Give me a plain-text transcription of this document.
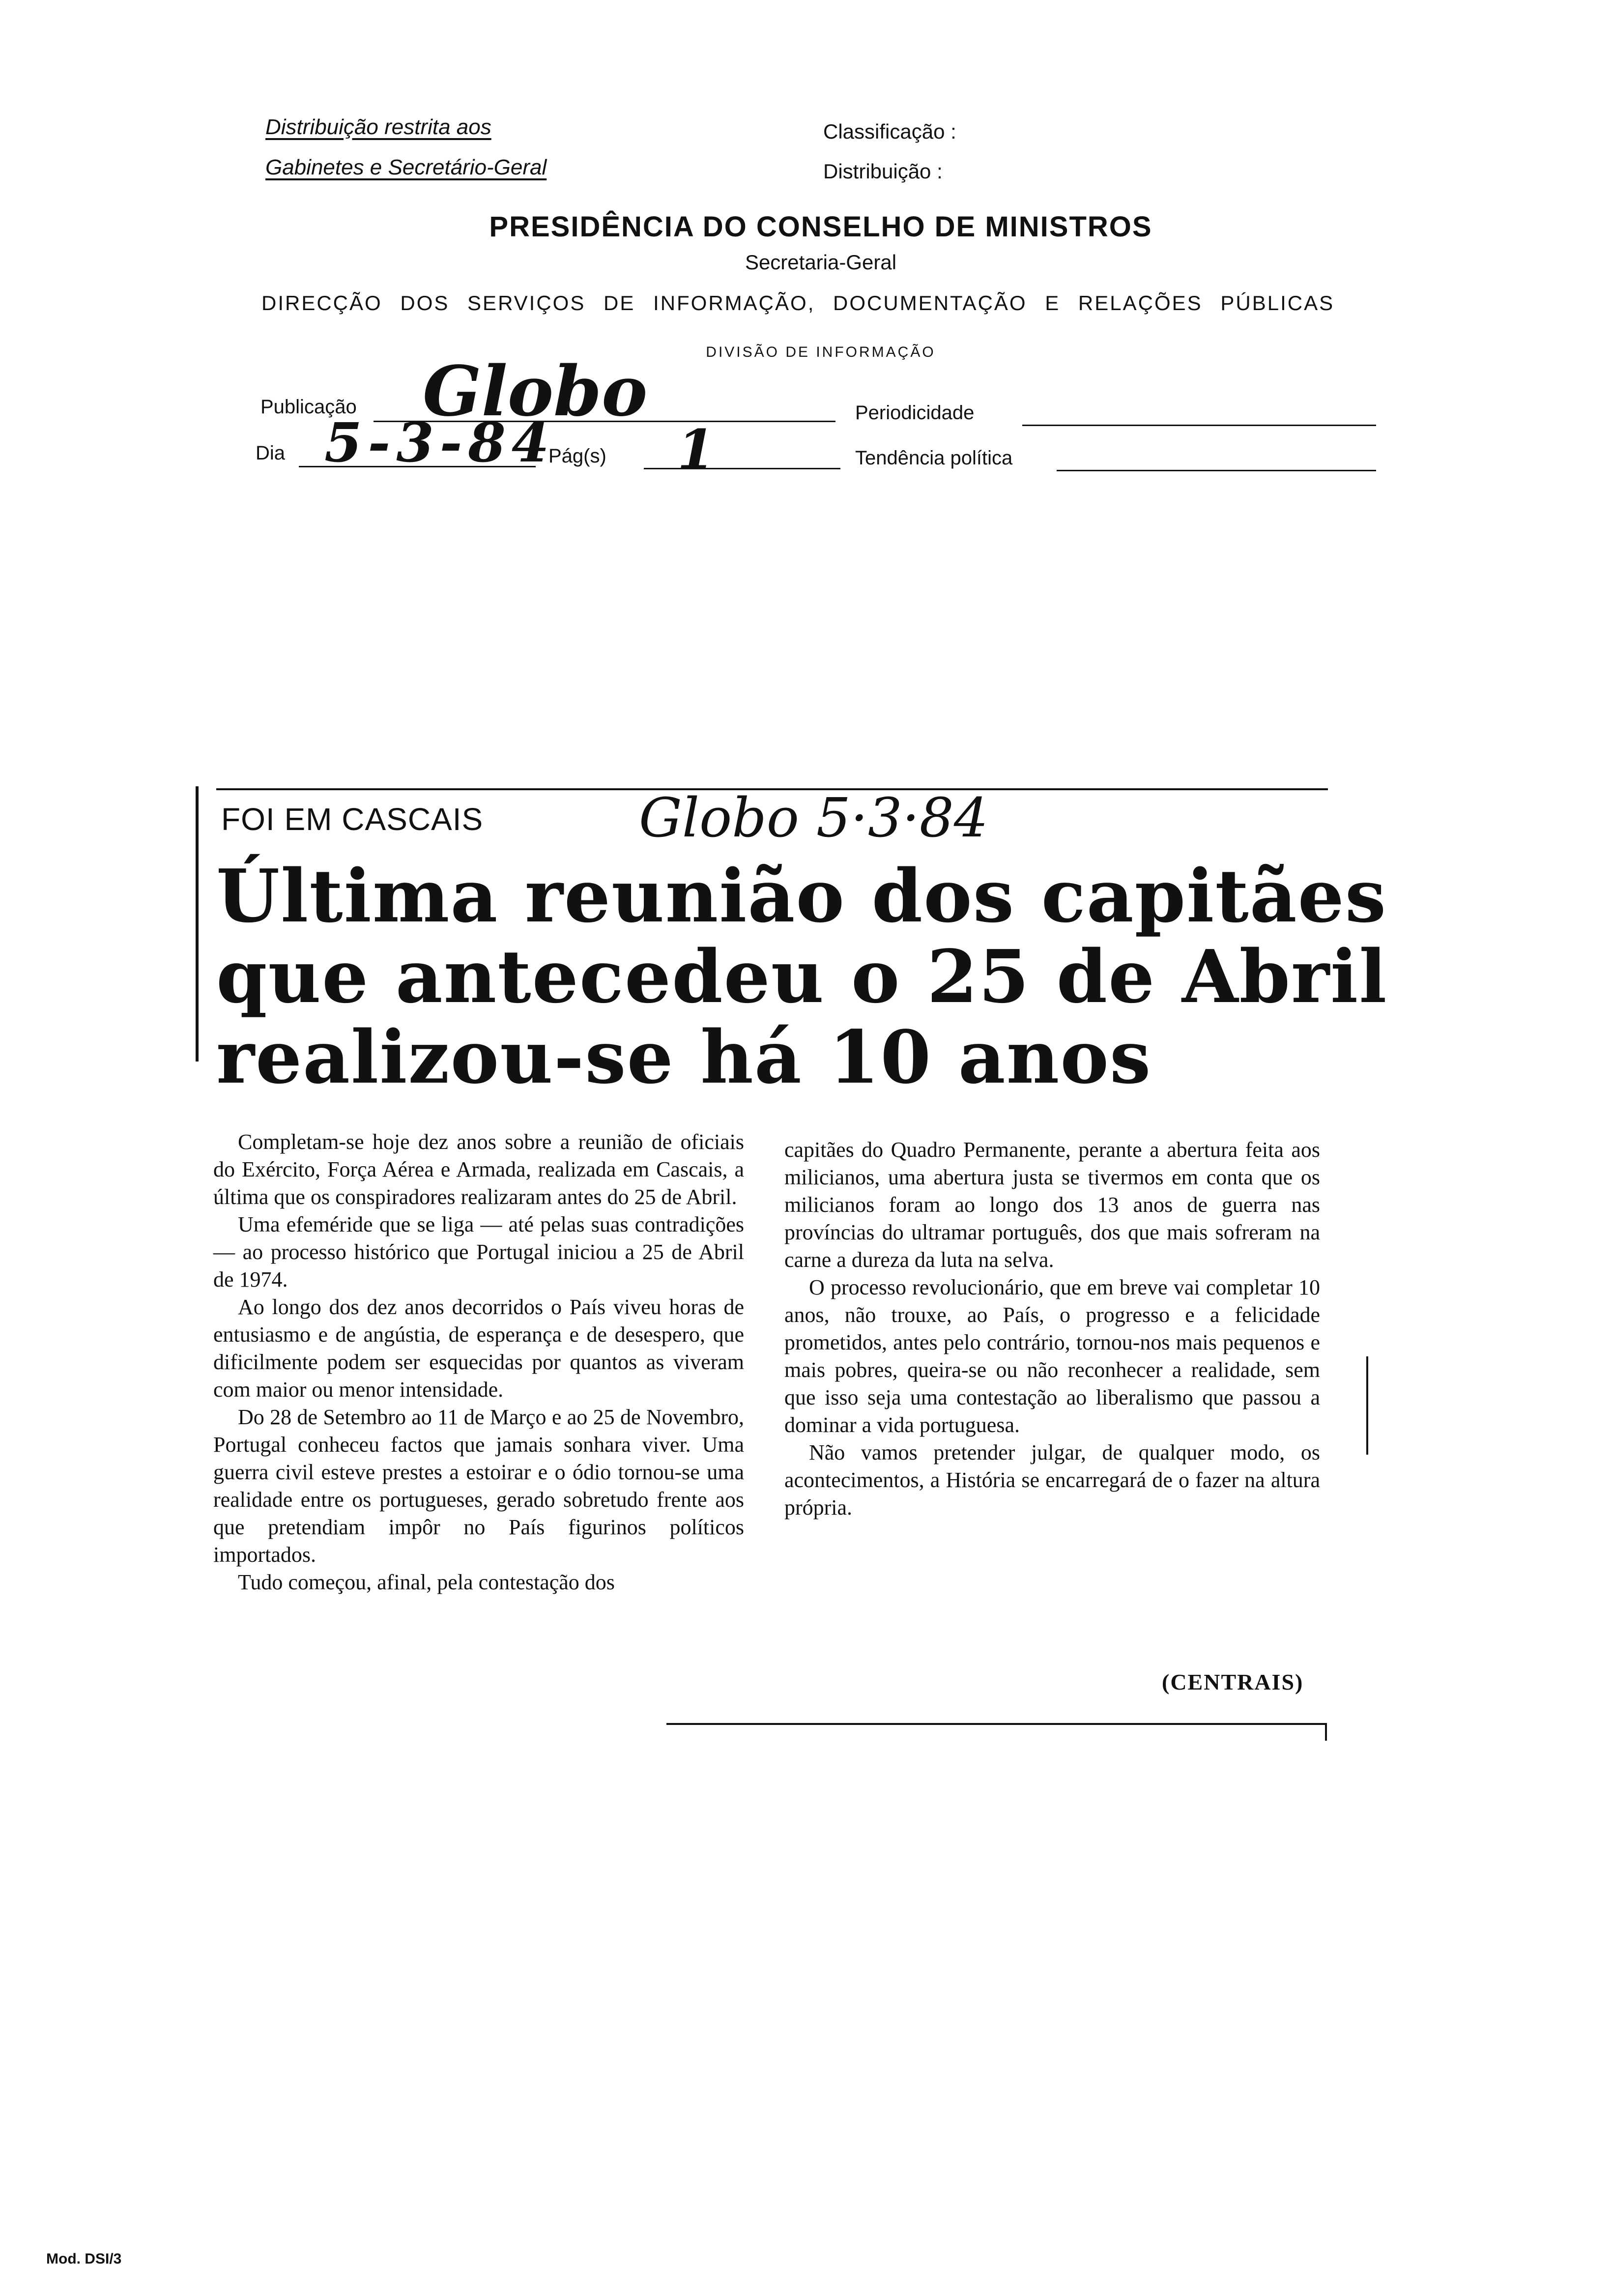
Distribuição restrita aos
Gabinetes e Secretário-Geral
Classificação :
Distribuição :
PRESIDÊNCIA DO CONSELHO DE MINISTROS
Secretaria-Geral
DIRECÇÃO DOS SERVIÇOS DE INFORMAÇÃO, DOCUMENTAÇÃO E RELAÇÕES PÚBLICAS
DIVISÃO DE INFORMAÇÃO
Publicação Globo	Periodicidade
Dia 5-3-84
Pág(s) 1	Tendência política
FOI EM CASCAIS	Globo 5·3·84
Última reunião dos capitães
que antecedeu o 25 de Abril
realizou-se há 10 anos

Completam-se hoje dez anos sobre a reunião de oficiais do Exército, Força Aérea e Armada, realizada em Cascais, a última que os conspiradores realizaram antes do 25 de Abril.

Uma efeméride que se liga — até pelas suas contradições — ao processo histórico que Portugal iniciou a 25 de Abril de 1974.

Ao longo dos dez anos decorridos o País viveu horas de entusiasmo e de angústia, de esperança e de desespero, que dificilmente podem ser esquecidas por quantos as viveram com maior ou menor intensidade.

Do 28 de Setembro ao 11 de Março e ao 25 de Novembro, Portugal conheceu factos que jamais sonhara viver. Uma guerra civil esteve prestes a estoirar e o ódio tornou-se uma realidade entre os portugueses, gerado sobretudo frente aos que pretendiam impôr no País figurinos políticos importados.

Tudo começou, afinal, pela contestação dos

capitães do Quadro Permanente, perante a abertura feita aos milicianos, uma abertura justa se tivermos em conta que os milicianos foram ao longo dos 13 anos de guerra nas províncias do ultramar português, dos que mais sofreram na carne a dureza da luta na selva.

O processo revolucionário, que em breve vai completar 10 anos, não trouxe, ao País, o progresso e a felicidade prometidos, antes pelo contrário, tornou-nos mais pequenos e mais pobres, queira-se ou não reconhecer a realidade, sem que isso seja uma contestação ao liberalismo que passou a dominar a vida portuguesa.

Não vamos pretender julgar, de qualquer modo, os acontecimentos, a História se encarregará de o fazer na altura própria.

(CENTRAIS)
Mod. DSI/3
